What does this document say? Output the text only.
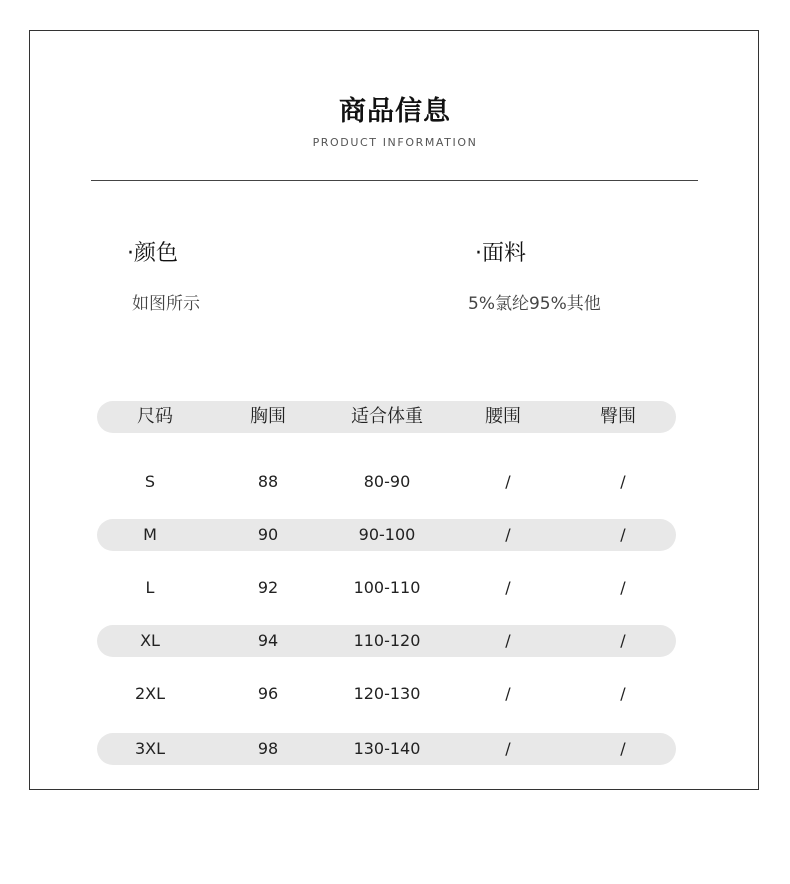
商品信息
PRODUCT INFORMATION
·颜色
如图所示
·面料
5%氯纶95%其他
尺码	胸围	适合体重	腰围	臀围
S	88	80-90	/	/
M	90	90-100	/	/
L	92	100-110	/	/
XL	94	110-120	/	/
2XL	96	120-130	/	/
3XL	98	130-140	/	/
